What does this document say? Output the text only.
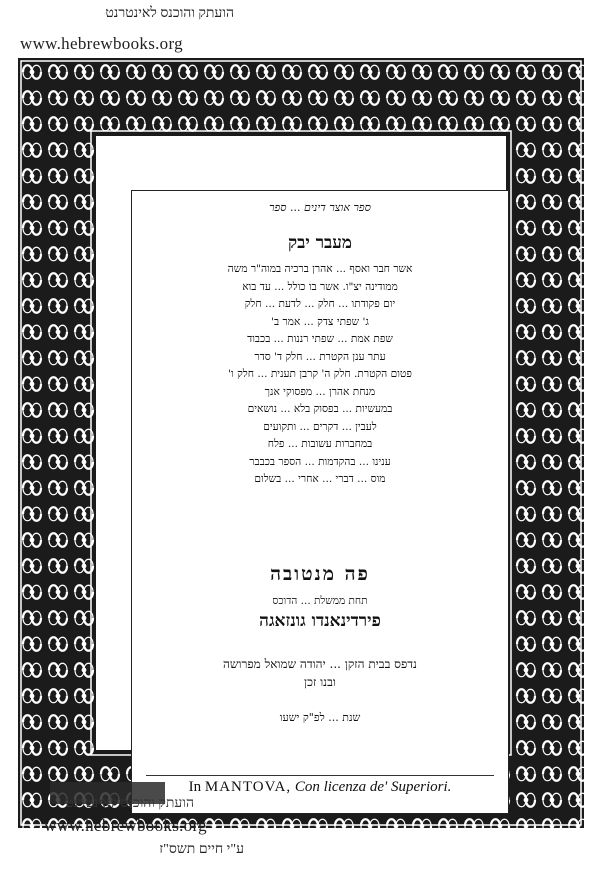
הועתק והוכנס לאינטרנט
www.hebrewbooks.org
ספר אוצר דינים ... ספר
מעבר יבק
אשר חבר ואסף ... אהרן ברכיה במוה"ר משה
ממודינה יצ"ו. אשר בו כולל ... עד בוא
יום פקודתו ... חלק ... לדעת ... חלק
ג' שפתי צדק ... אמר ב'
שפת אמת ... שפתי רננות ... בכבוד
עתר ענן הקטרת ... חלק ד' סדר
פטום הקטרת. חלק ה' קרבן תענית ... חלק ו'
מנחת אהרן ... מפסוקי אנך
במעשיות ... בפסוק בלא ... נושאים
לעבין ... דקרים ... ותקועים
במחברות עשובות ... פלח
ענינו ... בהקדמות ... הספר בכבבר
מוס ... דברי ... אחרי ... בשלום
פה מנטובה
תחת ממשלת ... הדוכס
פירדינאנדו גונזאגה
נדפס בבית הזקן ... יהודה שמואל מפרושה
ובנו זכן
שנת ... לפ"ק ישעו
In MANTOVA, Con licenza de' Superiori.
הועתק והוכנס לאינטרנט
www.hebrewbooks.org
ע"י חיים תשס"ז
